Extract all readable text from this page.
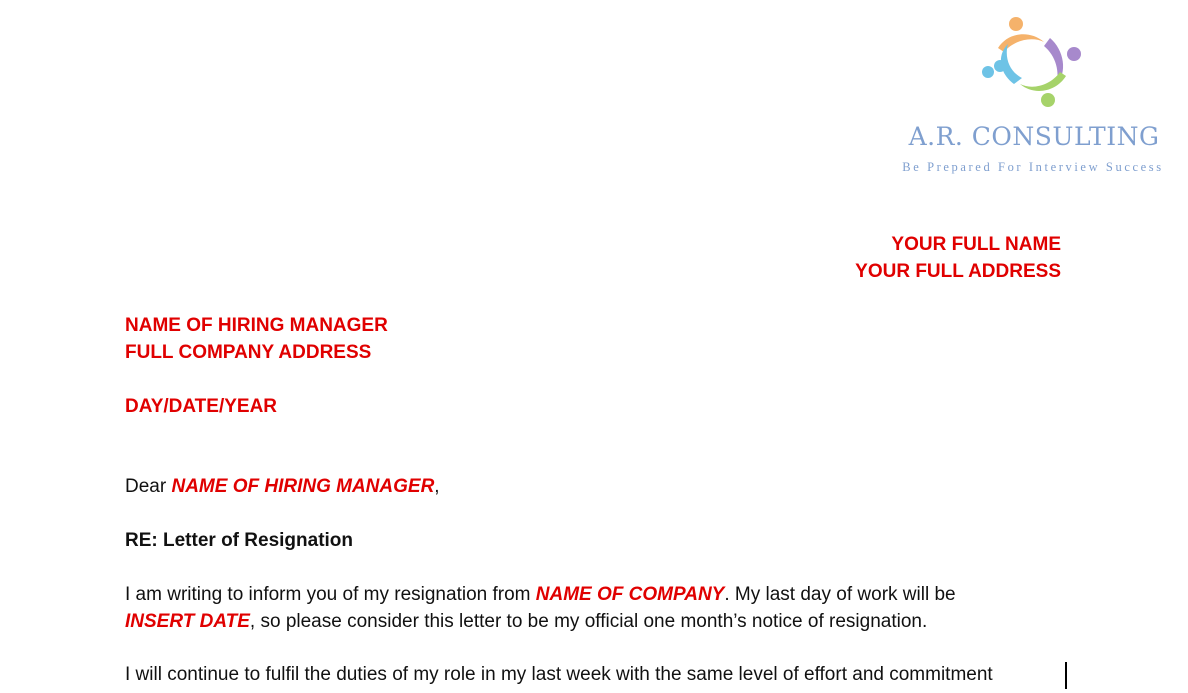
A.R. CONSULTING
Be Prepared For Interview Success
YOUR FULL NAME
YOUR FULL ADDRESS
NAME OF HIRING MANAGER
FULL COMPANY ADDRESS

DAY/DATE/YEAR
Dear NAME OF HIRING MANAGER,
RE: Letter of Resignation
I am writing to inform you of my resignation from NAME OF COMPANY. My last day of work will be
INSERT DATE, so please consider this letter to be my official one month’s notice of resignation.
I will continue to fulfil the duties of my role in my last week with the same level of effort and commitment
